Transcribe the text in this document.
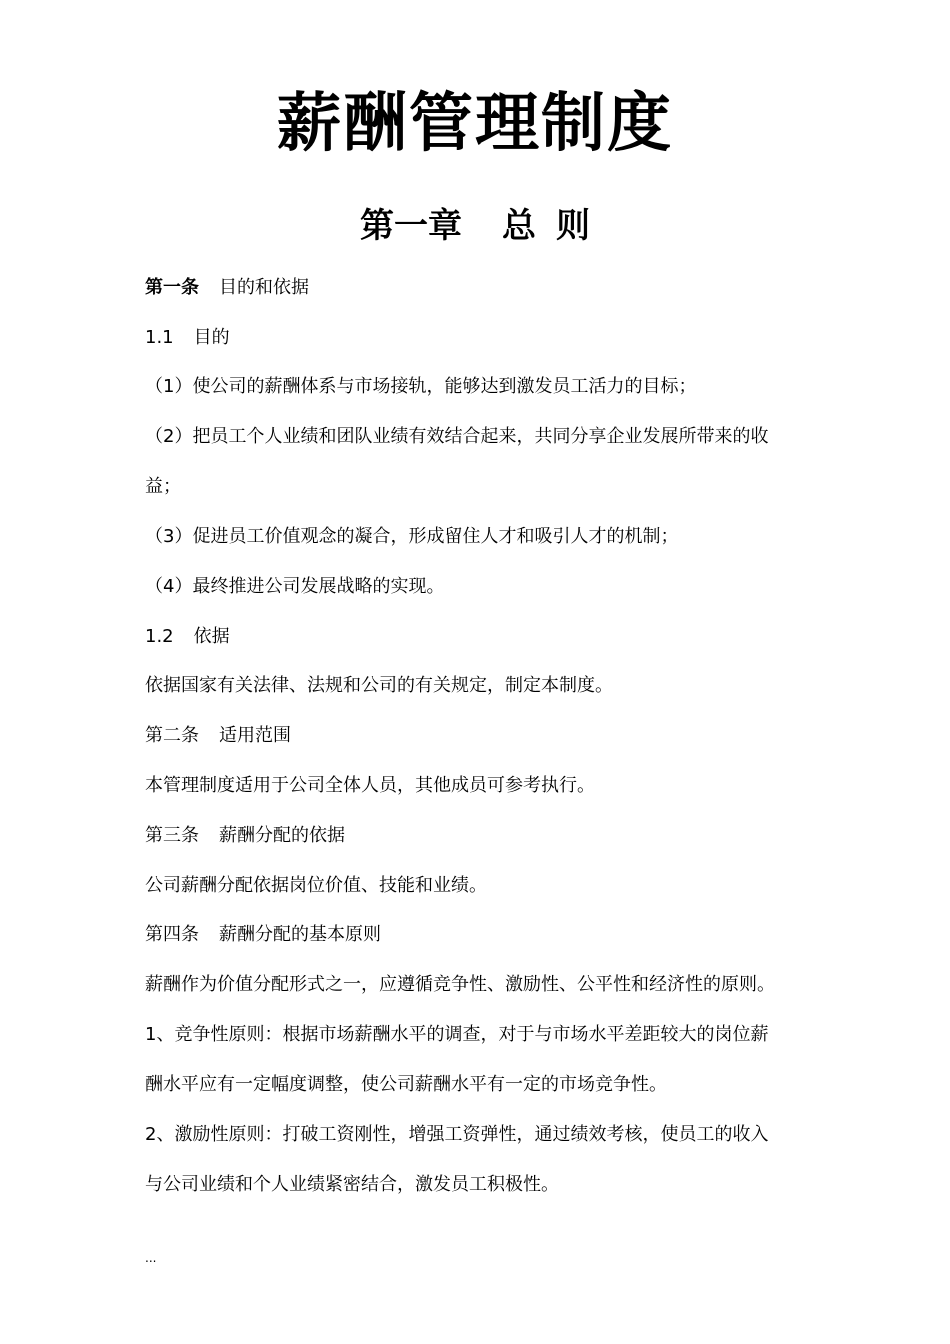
薪酬管理制度
第一章 总 则
第一条 目的和依据
1.1 目的
（1）使公司的薪酬体系与市场接轨，能够达到激发员工活力的目标；
（2）把员工个人业绩和团队业绩有效结合起来，共同分享企业发展所带来的收
益；
（3）促进员工价值观念的凝合，形成留住人才和吸引人才的机制；
（4）最终推进公司发展战略的实现。
1.2 依据
依据国家有关法律、法规和公司的有关规定，制定本制度。
第二条 适用范围
本管理制度适用于公司全体人员，其他成员可参考执行。
第三条 薪酬分配的依据
公司薪酬分配依据岗位价值、技能和业绩。
第四条 薪酬分配的基本原则
薪酬作为价值分配形式之一，应遵循竞争性、激励性、公平性和经济性的原则。
1、竞争性原则：根据市场薪酬水平的调查，对于与市场水平差距较大的岗位薪
酬水平应有一定幅度调整，使公司薪酬水平有一定的市场竞争性。
2、激励性原则：打破工资刚性，增强工资弹性，通过绩效考核，使员工的收入
与公司业绩和个人业绩紧密结合，激发员工积极性。
...
